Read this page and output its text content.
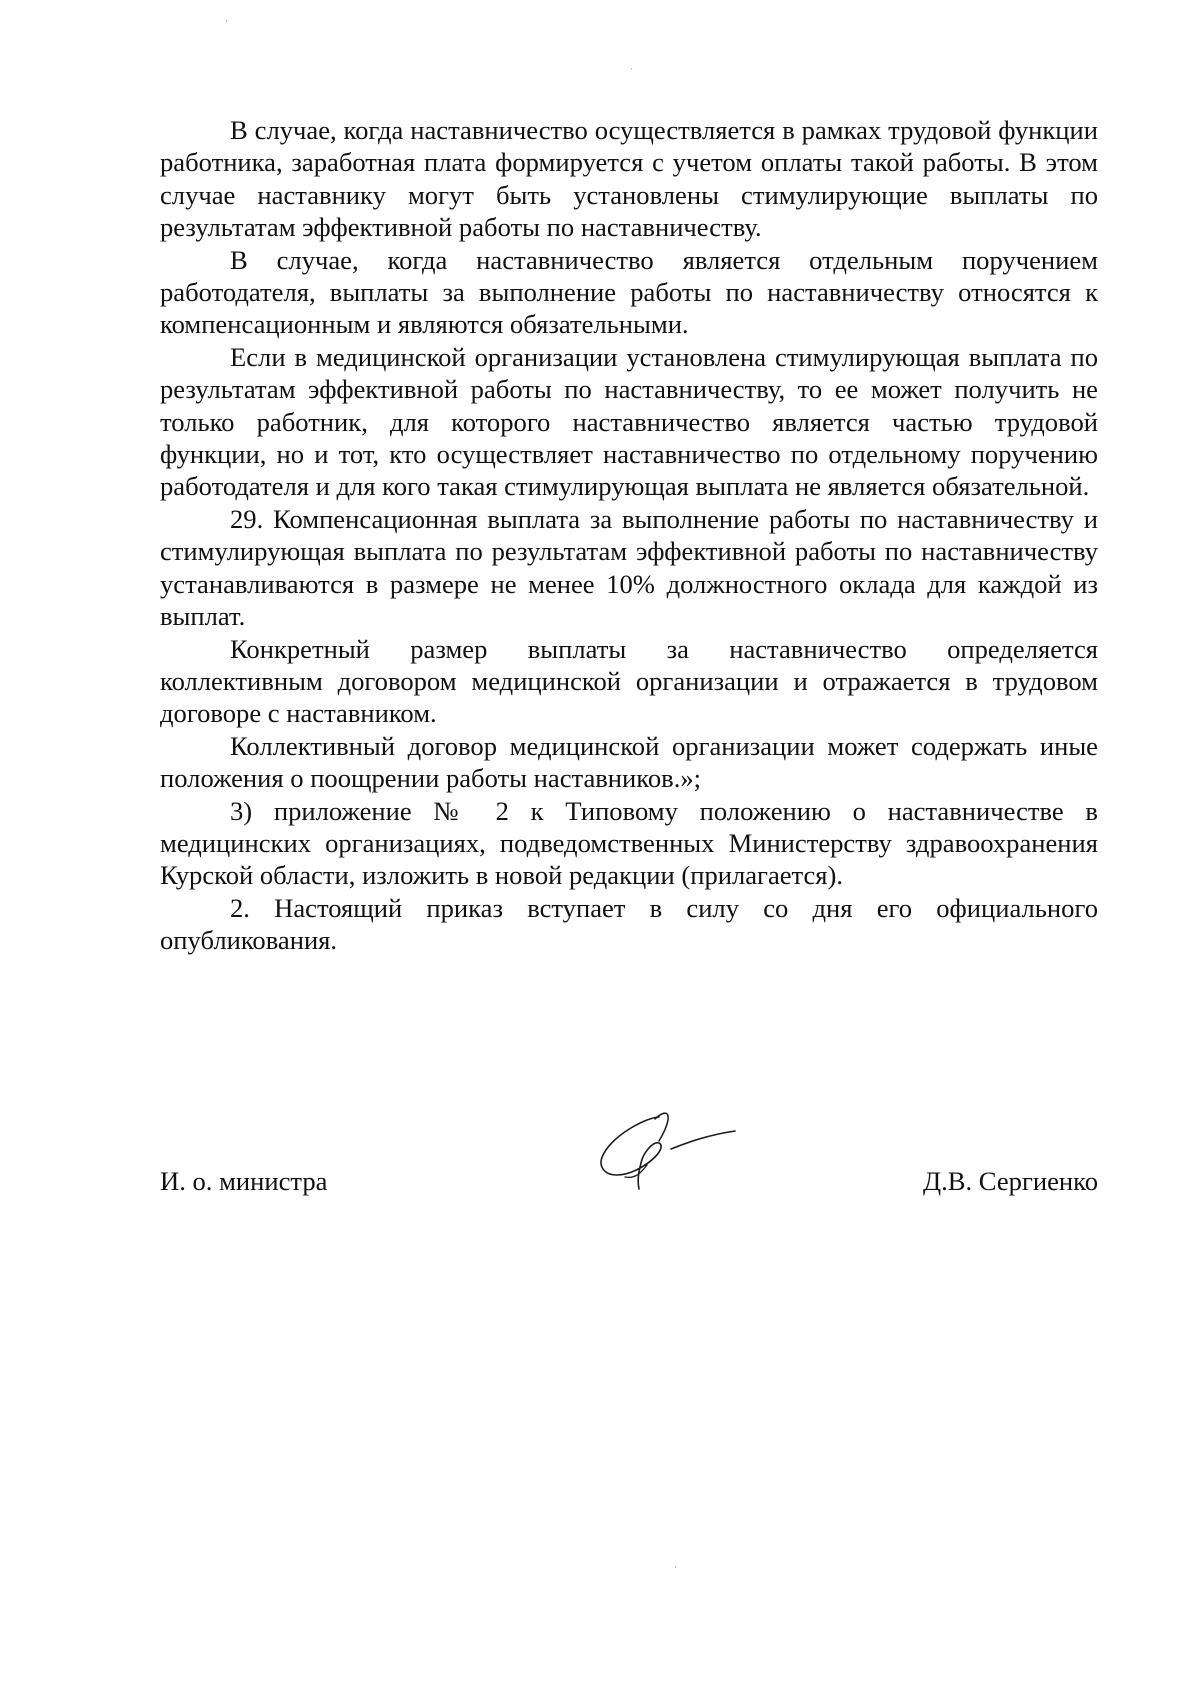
В случае, когда наставничество осуществляется в рамках трудовой функции работника, заработная плата формируется с учетом оплаты такой работы. В этом случае наставнику могут быть установлены стимулирующие выплаты по результатам эффективной работы по наставничеству.

В случае, когда наставничество является отдельным поручением работодателя, выплаты за выполнение работы по наставничеству относятся к компенсационным и являются обязательными.

Если в медицинской организации установлена стимулирующая выплата по результатам эффективной работы по наставничеству, то ее может получить не только работник, для которого наставничество является частью трудовой функции, но и тот, кто осуществляет наставничество по отдельному поручению работодателя и для кого такая стимулирующая выплата не является обязательной.

29. Компенсационная выплата за выполнение работы по наставничеству и стимулирующая выплата по результатам эффективной работы по наставничеству устанавливаются в размере не менее 10% должностного оклада для каждой из выплат.

Конкретный размер выплаты за наставничество определяется коллективным договором медицинской организации и отражается в трудовом договоре с наставником.

Коллективный договор медицинской организации может содержать иные положения о поощрении работы наставников.»;

3) приложение № 2 к Типовому положению о наставничестве в медицинских организациях, подведомственных Министерству здравоохранения Курской области, изложить в новой редакции (прилагается).

2. Настоящий приказ вступает в силу со дня его официального опубликования.

И. о. министра	Д.В. Сергиенко
